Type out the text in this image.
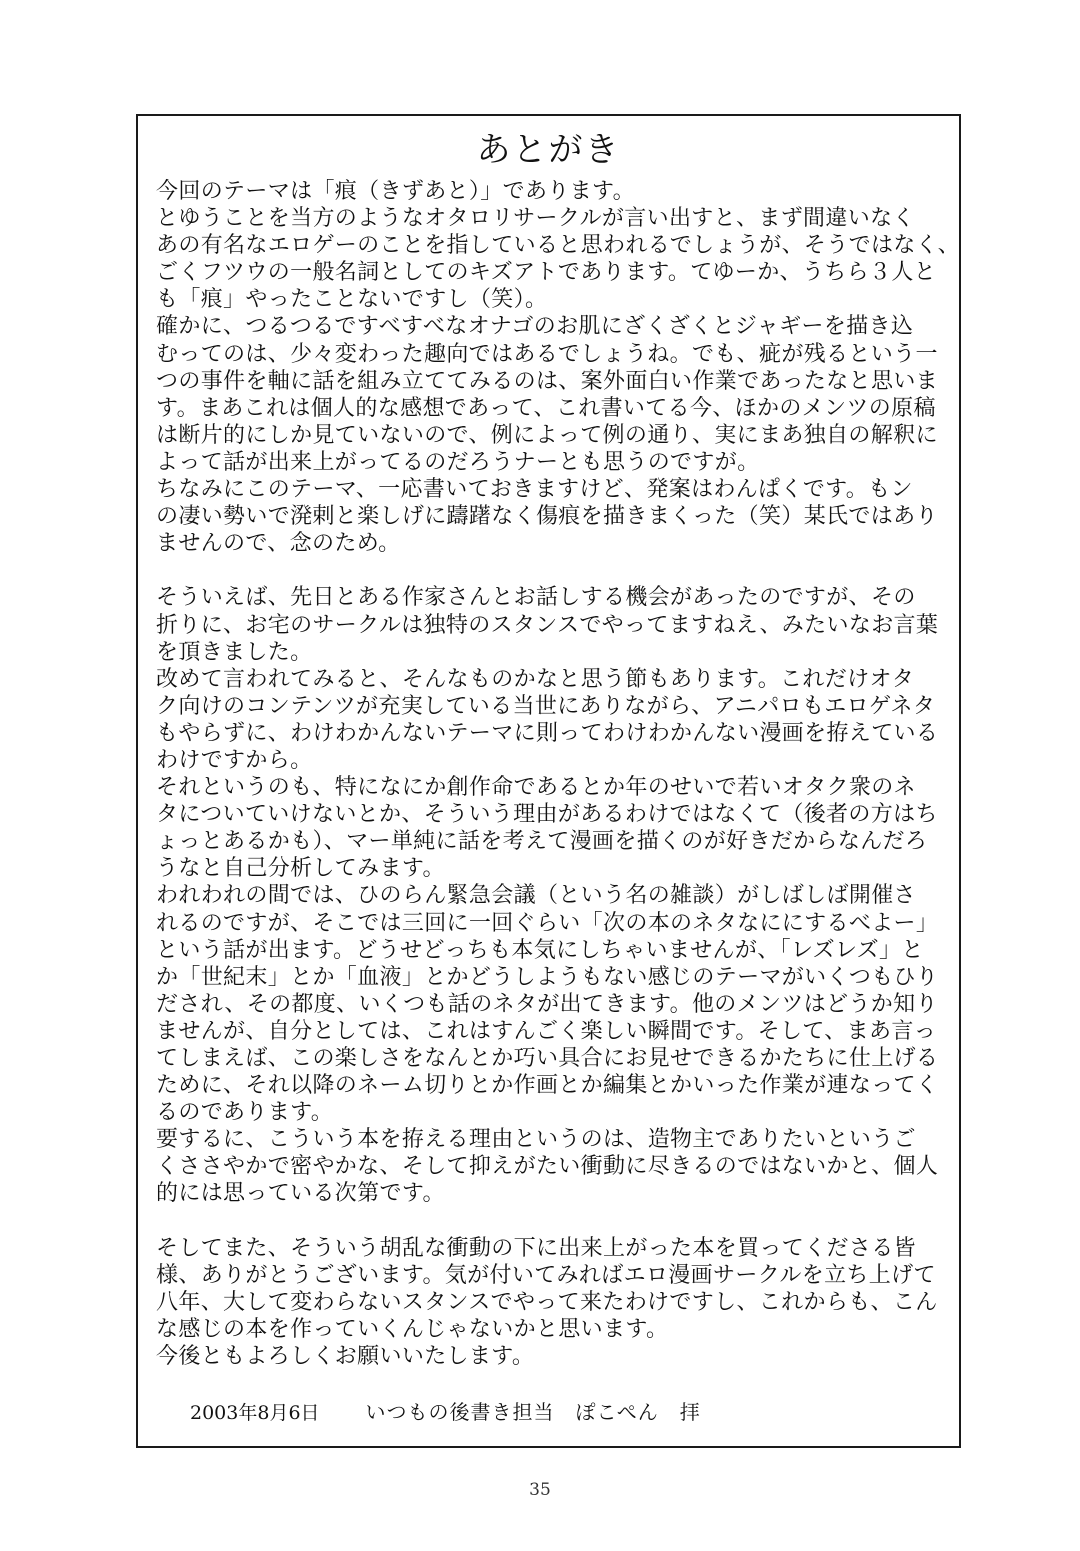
あとがき
今回のテーマは「痕（きずあと）」であります。
とゆうことを当方のようなオタロリサークルが言い出すと、まず間違いなく
あの有名なエロゲーのことを指していると思われるでしょうが、そうではなく、
ごくフツウの一般名詞としてのキズアトであります。てゆーか、うちら３人と
も「痕」やったことないですし（笑）。
確かに、つるつるですべすべなオナゴのお肌にざくざくとジャギーを描き込
むってのは、少々変わった趣向ではあるでしょうね。でも、疵が残るという一
つの事件を軸に話を組み立ててみるのは、案外面白い作業であったなと思いま
す。まあこれは個人的な感想であって、これ書いてる今、ほかのメンツの原稿
は断片的にしか見ていないので、例によって例の通り、実にまあ独自の解釈に
よって話が出来上がってるのだろうナーとも思うのですが。
ちなみにこのテーマ、一応書いておきますけど、発案はわんぱくです。もン
の凄い勢いで溌剌と楽しげに躊躇なく傷痕を描きまくった（笑）某氏ではあり
ませんので、念のため。
そういえば、先日とある作家さんとお話しする機会があったのですが、その
折りに、お宅のサークルは独特のスタンスでやってますねえ、みたいなお言葉
を頂きました。
改めて言われてみると、そんなものかなと思う節もあります。これだけオタ
ク向けのコンテンツが充実している当世にありながら、アニパロもエロゲネタ
もやらずに、わけわかんないテーマに則ってわけわかんない漫画を拵えている
わけですから。
それというのも、特になにか創作命であるとか年のせいで若いオタク衆のネ
タについていけないとか、そういう理由があるわけではなくて（後者の方はち
ょっとあるかも）、マー単純に話を考えて漫画を描くのが好きだからなんだろ
うなと自己分析してみます。
われわれの間では、ひのらん緊急会議（という名の雑談）がしばしば開催さ
れるのですが、そこでは三回に一回ぐらい「次の本のネタなににするべよー」
という話が出ます。どうせどっちも本気にしちゃいませんが、「レズレズ」と
か「世紀末」とか「血液」とかどうしようもない感じのテーマがいくつもひり
だされ、その都度、いくつも話のネタが出てきます。他のメンツはどうか知り
ませんが、自分としては、これはすんごく楽しい瞬間です。そして、まあ言っ
てしまえば、この楽しさをなんとか巧い具合にお見せできるかたちに仕上げる
ために、それ以降のネーム切りとか作画とか編集とかいった作業が連なってく
るのであります。
要するに、こういう本を拵える理由というのは、造物主でありたいというご
くささやかで密やかな、そして抑えがたい衝動に尽きるのではないかと、個人
的には思っている次第です。
そしてまた、そういう胡乱な衝動の下に出来上がった本を買ってくださる皆
様、ありがとうございます。気が付いてみればエロ漫画サークルを立ち上げて
八年、大して変わらないスタンスでやって来たわけですし、これからも、こん
な感じの本を作っていくんじゃないかと思います。
今後ともよろしくお願いいたします。
2003年8月6日 いつもの後書き担当　ぽこぺん　拝
35
